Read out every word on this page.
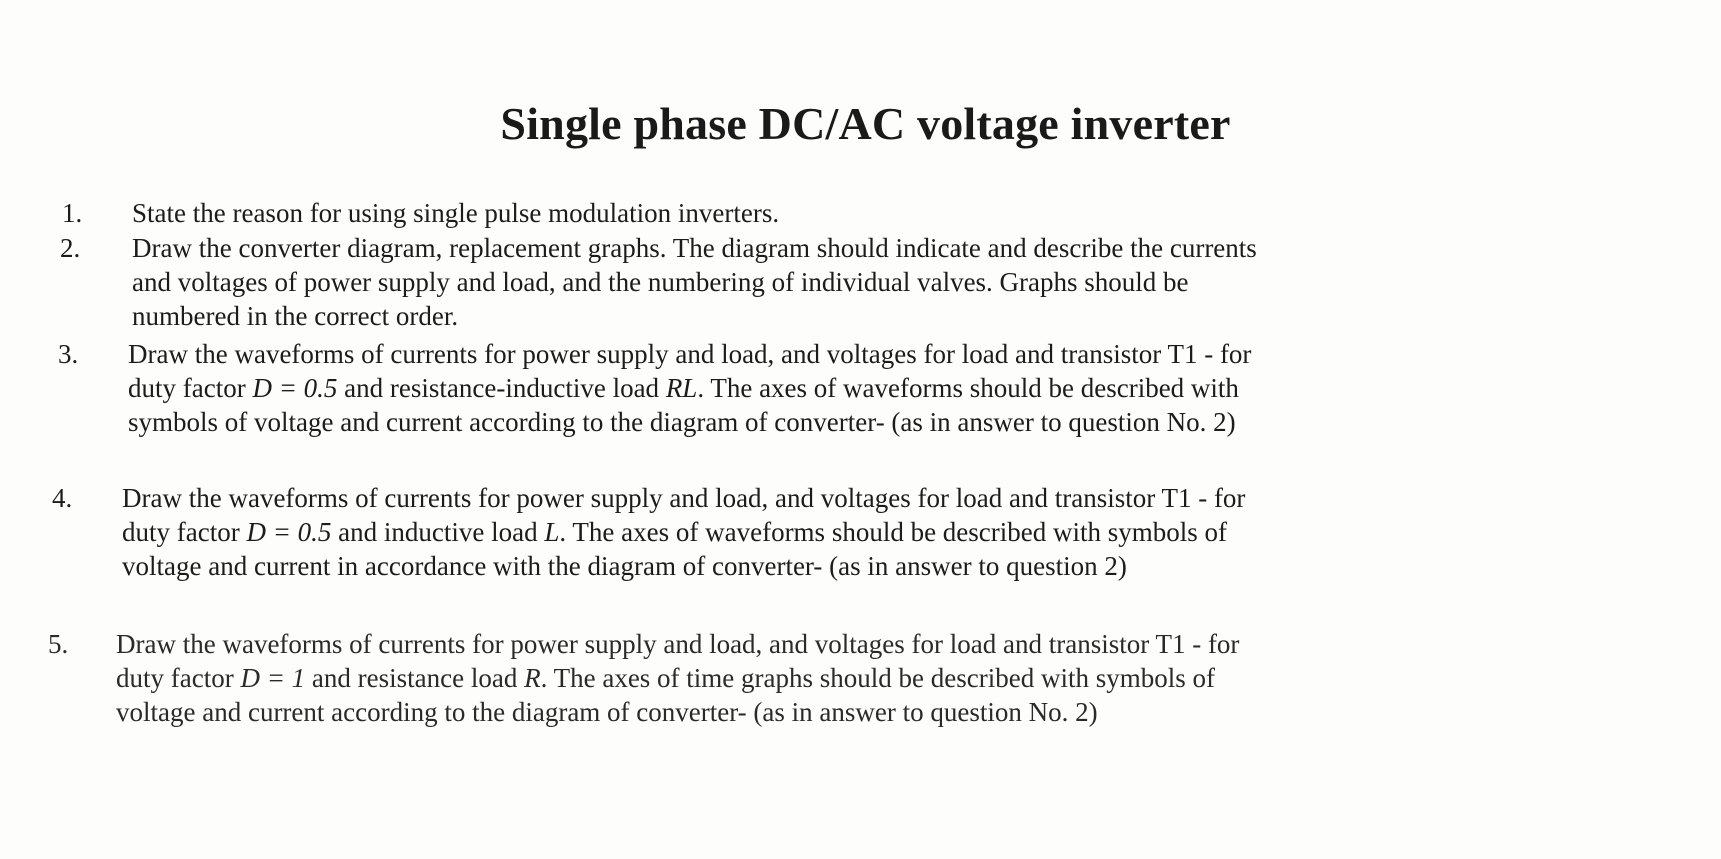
Single phase DC/AC voltage inverter
1.	State the reason for using single pulse modulation inverters.
2.	Draw the converter diagram, replacement graphs. The diagram should indicate and describe the currents
and voltages of power supply and load, and the numbering of individual valves. Graphs should be
numbered in the correct order.
3.	Draw the waveforms of currents for power supply and load, and voltages for load and transistor T1 - for
duty factor D = 0.5 and resistance-inductive load RL. The axes of waveforms should be described with
symbols of voltage and current according to the diagram of converter- (as in answer to question No. 2)
4.	Draw the waveforms of currents for power supply and load, and voltages for load and transistor T1 - for
duty factor D = 0.5 and inductive load L. The axes of waveforms should be described with symbols of
voltage and current in accordance with the diagram of converter- (as in answer to question 2)
5.	Draw the waveforms of currents for power supply and load, and voltages for load and transistor T1 - for
duty factor D = 1 and resistance load R. The axes of time graphs should be described with symbols of
voltage and current according to the diagram of converter- (as in answer to question No. 2)
